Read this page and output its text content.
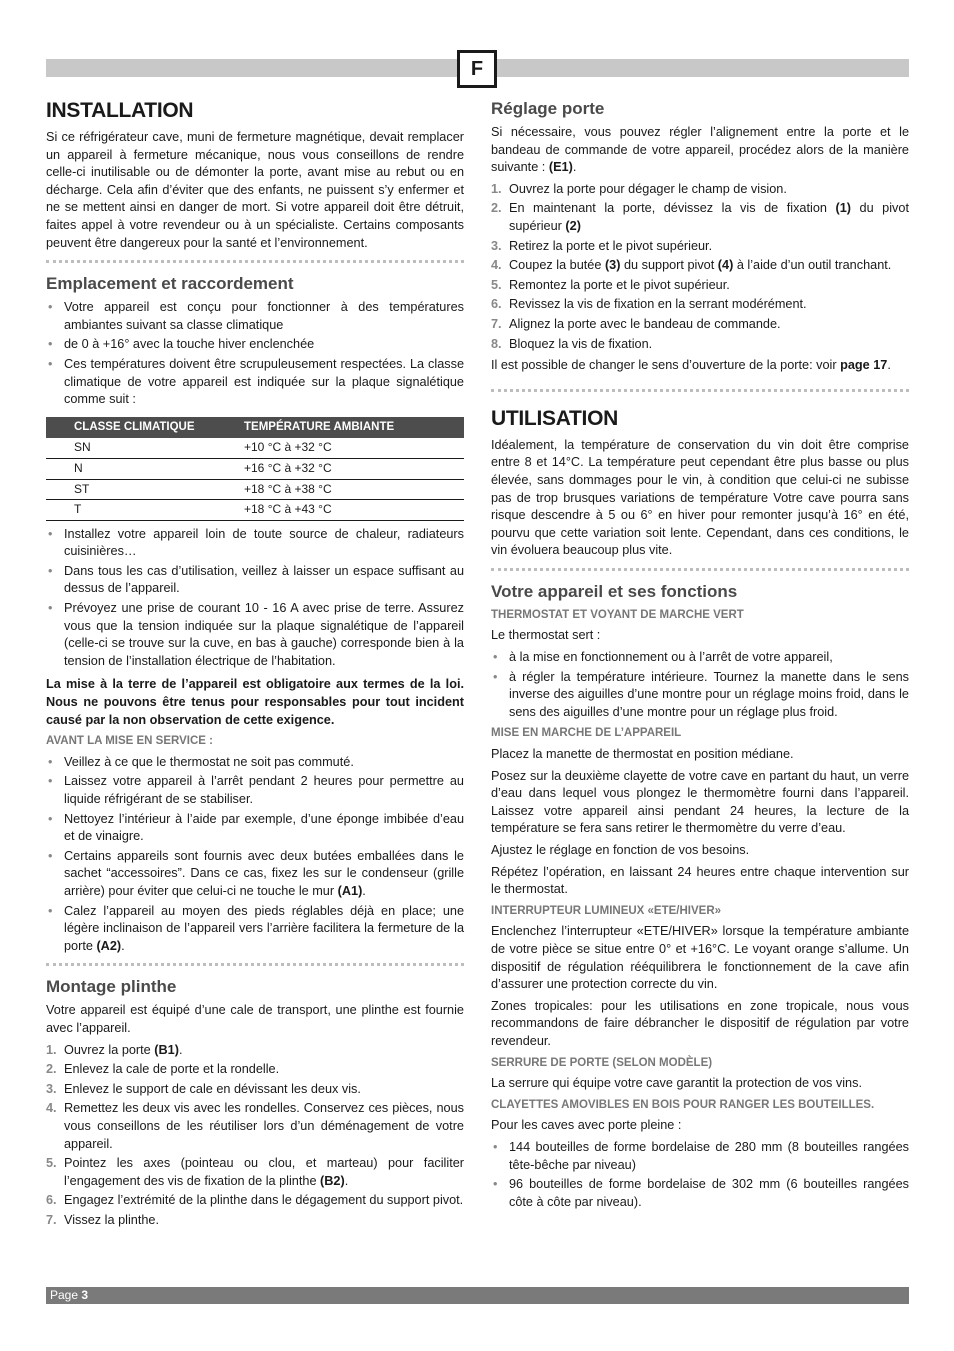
F
INSTALLATION

Si ce réfrigérateur cave, muni de fermeture magnétique, devait remplacer un appareil à fermeture mécanique, nous vous conseillons de rendre celle-ci inutilisable ou de démonter la porte, avant mise au rebut ou en décharge. Cela afin d’éviter que des enfants, ne puissent s’y enfermer et ne se mettent ainsi en danger de mort. Si votre appareil doit être détruit, faites appel à votre revendeur ou à un spécialiste. Certains composants peuvent être dangereux pour la santé et l’environnement.

Emplacement et raccordement
• Votre appareil est conçu pour fonctionner à des températures ambiantes suivant sa classe climatique
• de 0 à +16° avec la touche hiver enclenchée
• Ces températures doivent être scrupuleusement respectées. La classe climatique de votre appareil est indiquée sur la plaque signalétique comme suit :
CLASSE CLIMATIQUE	TEMPÉRATURE AMBIANTE
SN	+10 °C à +32 °C
N	+16 °C à +32 °C
ST	+18 °C à +38 °C
T	+18 °C à +43 °C
• Installez votre appareil loin de toute source de chaleur, radiateurs cuisinières…
• Dans tous les cas d’utilisation, veillez à laisser un espace suffisant au dessus de l’appareil.
• Prévoyez une prise de courant 10 - 16 A avec prise de terre. Assurez vous que la tension indiquée sur la plaque signalétique de l’appareil (celle-ci se trouve sur la cuve, en bas à gauche) corresponde bien à la tension de l’installation électrique de l’habitation.

La mise à la terre de l’appareil est obligatoire aux termes de la loi. Nous ne pouvons être tenus pour responsables pour tout incident causé par la non observation de cette exigence.

AVANT LA MISE EN SERVICE :
• Veillez à ce que le thermostat ne soit pas commuté.
• Laissez votre appareil à l’arrêt pendant 2 heures pour permettre au liquide réfrigérant de se stabiliser.
• Nettoyez l’intérieur à l’aide par exemple, d’une éponge imbibée d’eau et de vinaigre.
• Certains appareils sont fournis avec deux butées emballées dans le sachet “accessoires”. Dans ce cas, fixez les sur le condenseur (grille arrière) pour éviter que celui-ci ne touche le mur (A1).
• Calez l’appareil au moyen des pieds réglables déjà en place; une légère inclinaison de l’appareil vers l’arrière facilitera la fermeture de la porte (A2).
Montage plinthe

Votre appareil est équipé d’une cale de transport, une plinthe est fournie avec l’appareil.

1. Ouvrez la porte (B1).
2. Enlevez la cale de porte et la rondelle.
3. Enlevez le support de cale en dévissant les deux vis.
4. Remettez les deux vis avec les rondelles. Conservez ces pièces, nous vous conseillons de les réutiliser lors d’un déménagement de votre appareil.
5. Pointez les axes (pointeau ou clou, et marteau) pour faciliter l’engagement des vis de fixation de la plinthe (B2).
6. Engagez l’extrémité de la plinthe dans le dégagement du support pivot.
7. Vissez la plinthe.
Réglage porte

Si nécessaire, vous pouvez régler l’alignement entre la porte et le bandeau de commande de votre appareil, procédez alors de la manière suivante : (E1).

1. Ouvrez la porte pour dégager le champ de vision.
2. En maintenant la porte, dévissez la vis de fixation (1) du pivot supérieur (2)
3. Retirez la porte et le pivot supérieur.
4. Coupez la butée (3) du support pivot (4) à l’aide d’un outil tranchant.
5. Remontez la porte et le pivot supérieur.
6. Revissez la vis de fixation en la serrant modérément.
7. Alignez la porte avec le bandeau de commande.
8. Bloquez la vis de fixation.

Il est possible de changer le sens d’ouverture de la porte: voir page 17.

UTILISATION

Idéalement, la température de conservation du vin doit être comprise entre 8 et 14°C. La température peut cependant être plus basse ou plus élevée, sans dommages pour le vin, à condition que celui-ci ne subisse pas de trop brusques variations de température Votre cave pourra sans risque descendre à 5 ou 6° en hiver pour remonter jusqu’à 16° en été, pourvu que cette variation soit lente. Cependant, dans ces conditions, le vin évoluera beaucoup plus vite.

Votre appareil et ses fonctions
THERMOSTAT ET VOYANT DE MARCHE VERT

Le thermostat sert :

• à la mise en fonctionnement ou à l’arrêt de votre appareil,
• à régler la température intérieure. Tournez la manette dans le sens inverse des aiguilles d’une montre pour un réglage moins froid, dans le sens des aiguilles d’une montre pour un réglage plus froid.
MISE EN MARCHE DE L’APPAREIL

Placez la manette de thermostat en position médiane.

Posez sur la deuxième clayette de votre cave en partant du haut, un verre d’eau dans lequel vous plongez le thermomètre fourni dans l’appareil. Laissez votre appareil ainsi pendant 24 heures, la lecture de la température se fera sans retirer le thermomètre du verre d’eau.

Ajustez le réglage en fonction de vos besoins.

Répétez l’opération, en laissant 24 heures entre chaque intervention sur le thermostat.

INTERRUPTEUR LUMINEUX «ETE/HIVER»

Enclenchez l’interrupteur «ETE/HIVER» lorsque la température ambiante de votre pièce se situe entre 0° et +16°C. Le voyant orange s’allume. Un dispositif de régulation rééquilibrera le fonctionnement de la cave afin d’assurer une protection correcte du vin.

Zones tropicales: pour les utilisations en zone tropicale, nous vous recommandons de faire débrancher le dispositif de régulation par votre revendeur.

SERRURE DE PORTE (SELON MODÈLE)

La serrure qui équipe votre cave garantit la protection de vos vins.

CLAYETTES AMOVIBLES EN BOIS POUR RANGER LES BOUTEILLES.

Pour les caves avec porte pleine :

• 144 bouteilles de forme bordelaise de 280 mm (8 bouteilles rangées tête-bêche par niveau)
• 96 bouteilles de forme bordelaise de 302 mm (6 bouteilles rangées côte à côte par niveau).
Page 3
